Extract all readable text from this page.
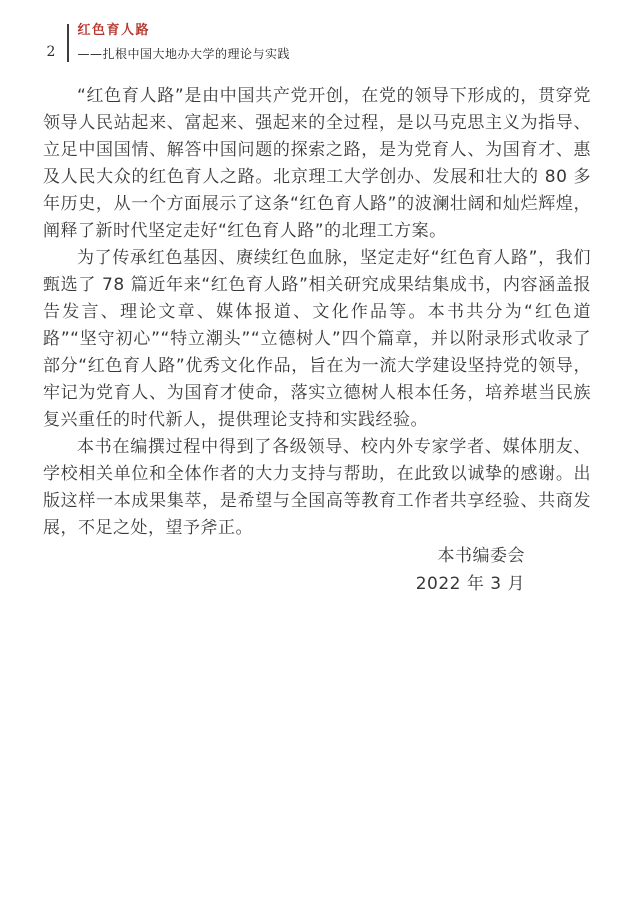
2
红色育人路
——扎根中国大地办大学的理论与实践

“红色育人路”是由中国共产党开创，在党的领导下形成的，贯穿党领导人民站起来、富起来、强起来的全过程，是以马克思主义为指导、立足中国国情、解答中国问题的探索之路，是为党育人、为国育才、惠及人民大众的红色育人之路。北京理工大学创办、发展和壮大的 80 多年历史，从一个方面展示了这条“红色育人路”的波澜壮阔和灿烂辉煌，阐释了新时代坚定走好“红色育人路”的北理工方案。

为了传承红色基因、赓续红色血脉，坚定走好“红色育人路”，我们甄选了 78 篇近年来“红色育人路”相关研究成果结集成书，内容涵盖报告发言、理论文章、媒体报道、文化作品等。本书共分为“红色道路”“坚守初心”“特立潮头”“立德树人”四个篇章，并以附录形式收录了部分“红色育人路”优秀文化作品，旨在为一流大学建设坚持党的领导，牢记为党育人、为国育才使命，落实立德树人根本任务，培养堪当民族复兴重任的时代新人，提供理论支持和实践经验。

本书在编撰过程中得到了各级领导、校内外专家学者、媒体朋友、学校相关单位和全体作者的大力支持与帮助，在此致以诚挚的感谢。出版这样一本成果集萃，是希望与全国高等教育工作者共享经验、共商发展，不足之处，望予斧正。

本书编委会
2022 年 3 月
